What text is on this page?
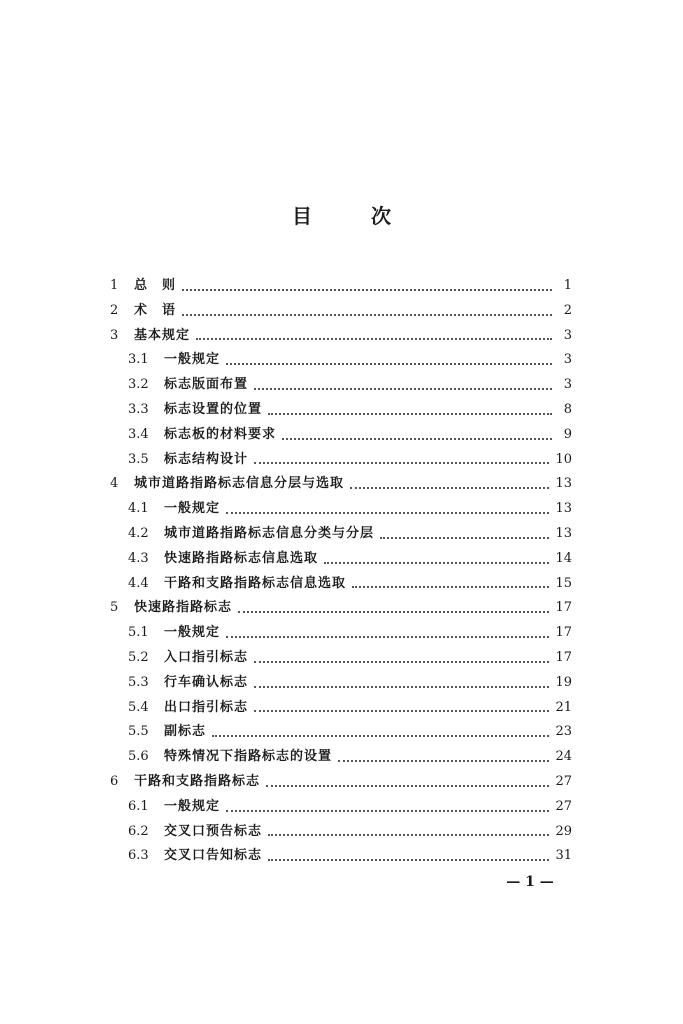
目 次
1	总　则	1
2	术　语	2
3	基本规定	3
3.1	一般规定	3
3.2	标志版面布置	3
3.3	标志设置的位置	8
3.4	标志板的材料要求	9
3.5	标志结构设计	10
4	城市道路指路标志信息分层与选取	13
4.1	一般规定	13
4.2	城市道路指路标志信息分类与分层	13
4.3	快速路指路标志信息选取	14
4.4	干路和支路指路标志信息选取	15
5	快速路指路标志	17
5.1	一般规定	17
5.2	入口指引标志	17
5.3	行车确认标志	19
5.4	出口指引标志	21
5.5	副标志	23
5.6	特殊情况下指路标志的设置	24
6	干路和支路指路标志	27
6.1	一般规定	27
6.2	交叉口预告标志	29
6.3	交叉口告知标志	31
— 1 —
